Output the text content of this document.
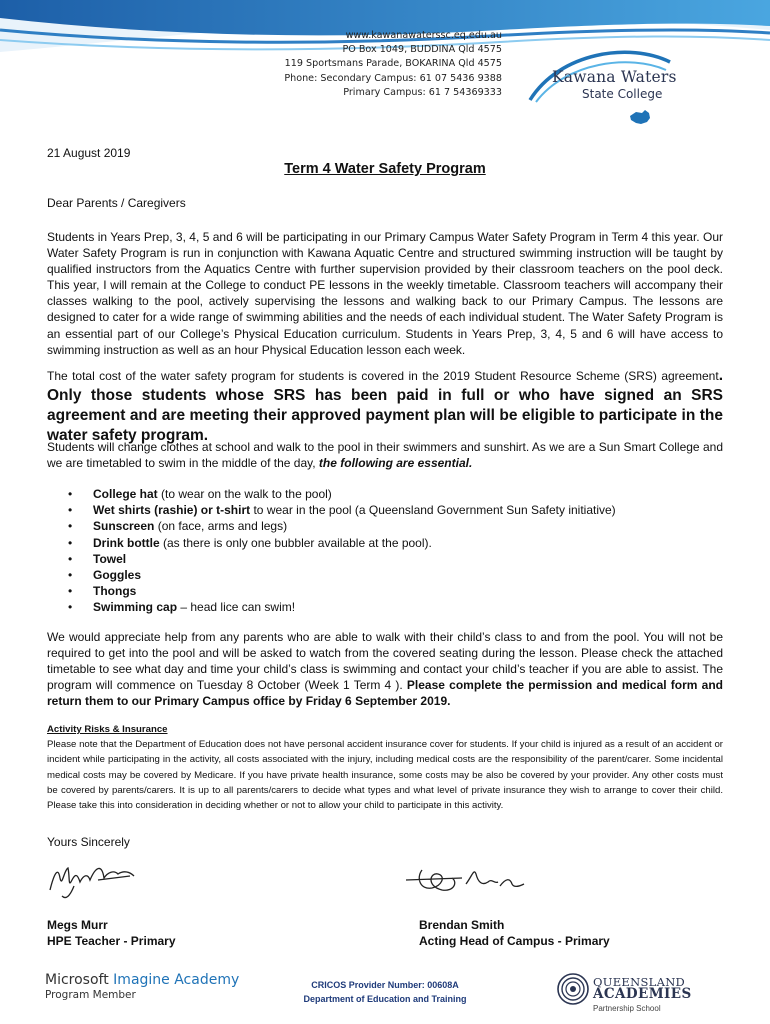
www.kawanawaterssc.eq.edu.au
PO Box 1049, BUDDINA Qld 4575
119 Sportsmans Parade, BOKARINA Qld 4575
Phone: Secondary Campus: 61 07 5436 9388
Primary Campus: 61 7 54369333
Kawana Waters
State College
21 August 2019
Term 4 Water Safety Program
Dear Parents / Caregivers
Students in Years Prep, 3, 4, 5 and 6 will be participating in our Primary Campus Water Safety Program in Term 4 this year. Our Water Safety Program is run in conjunction with Kawana Aquatic Centre and structured swimming instruction will be taught by qualified instructors from the Aquatics Centre with further supervision provided by their classroom teachers on the pool deck. This year, I will remain at the College to conduct PE lessons in the weekly timetable. Classroom teachers will accompany their classes walking to the pool, actively supervising the lessons and walking back to our Primary Campus. The lessons are designed to cater for a wide range of swimming abilities and the needs of each individual student. The Water Safety Program is an essential part of our College’s Physical Education curriculum. Students in Years Prep, 3, 4, 5 and 6 will have access to swimming instruction as well as an hour Physical Education lesson each week.
The total cost of the water safety program for students is covered in the 2019 Student Resource Scheme (SRS) agreement. Only those students whose SRS has been paid in full or who have signed an SRS agreement and are meeting their approved payment plan will be eligible to participate in the water safety program.
Students will change clothes at school and walk to the pool in their swimmers and sunshirt. As we are a Sun Smart College and we are timetabled to swim in the middle of the day, the following are essential.
• College hat (to wear on the walk to the pool)
• Wet shirts (rashie) or t-shirt to wear in the pool (a Queensland Government Sun Safety initiative)
• Sunscreen (on face, arms and legs)
• Drink bottle (as there is only one bubbler available at the pool).
• Towel
• Goggles
• Thongs
• Swimming cap – head lice can swim!
We would appreciate help from any parents who are able to walk with their child’s class to and from the pool. You will not be required to get into the pool and will be asked to watch from the covered seating during the lesson. Please check the attached timetable to see what day and time your child’s class is swimming and contact your child’s teacher if you are able to assist. The program will commence on Tuesday 8 October (Week 1 Term 4 ). Please complete the permission and medical form and return them to our Primary Campus office by Friday 6 September 2019.
Activity Risks & Insurance
Please note that the Department of Education does not have personal accident insurance cover for students. If your child is injured as a result of an accident or incident while participating in the activity, all costs associated with the injury, including medical costs are the responsibility of the parent/carer. Some incidental medical costs may be covered by Medicare. If you have private health insurance, some costs may be also be covered by your provider. Any other costs must be covered by parents/carers. It is up to all parents/carers to decide what types and what level of private insurance they wish to arrange to cover their child. Please take this into consideration in deciding whether or not to allow your child to participate in this activity.
Yours Sincerely
Megs Murr
HPE Teacher - Primary
Brendan Smith
Acting Head of Campus - Primary
Microsoft Imagine Academy
Program Member
CRICOS Provider Number: 00608A
Department of Education and Training
QUEENSLAND
ACADEMIES
Partnership School
